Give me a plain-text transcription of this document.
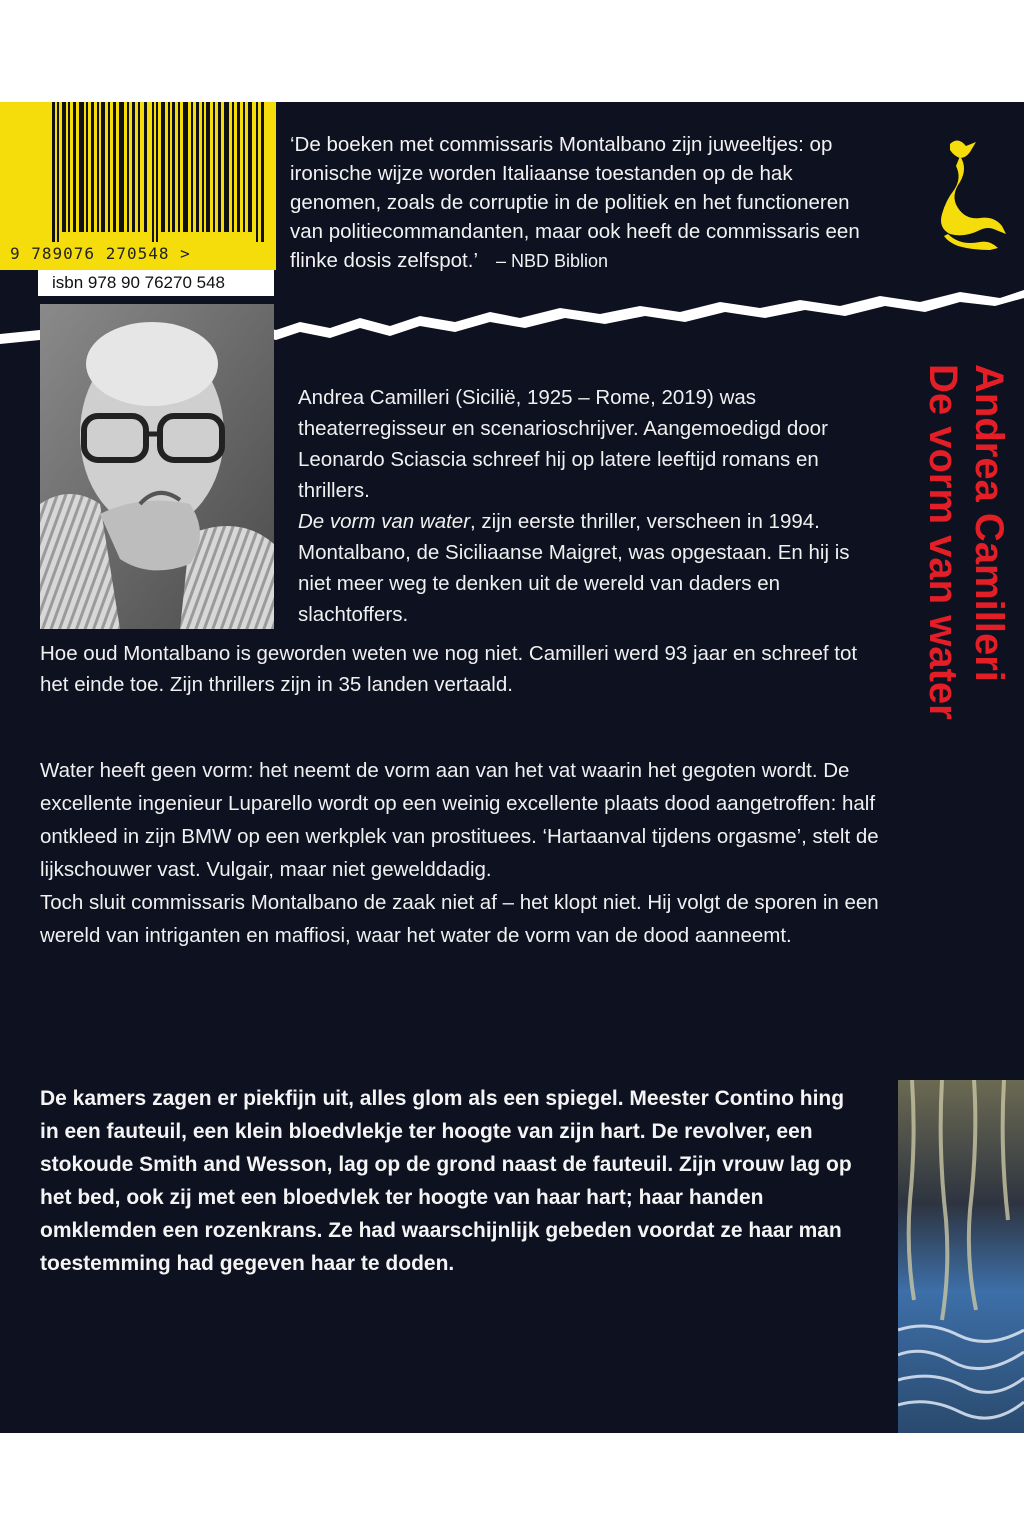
9 789076 270548 >
isbn 978 90 76270 548
‘De boeken met commissaris Montalbano zijn juweeltjes: op ironische wijze worden Italiaanse toestanden op de hak genomen, zoals de corruptie in de politiek en het functioneren van politiecommandanten, maar ook heeft de commissaris een flinke dosis zelfspot.’ – NBD Biblion
Andrea Camilleri
De vorm van water

Andrea Camilleri (Sicilië, 1925 – Rome, 2019) was theaterregisseur en scenarioschrijver. Aangemoedigd door Leonardo Sciascia schreef hij op latere leeftijd romans en thrillers.

De vorm van water, zijn eerste thriller, verscheen in 1994. Montalbano, de Siciliaanse Maigret, was opgestaan. En hij is niet meer weg te denken uit de wereld van daders en slachtoffers.

Hoe oud Montalbano is geworden weten we nog niet. Camilleri werd 93 jaar en schreef tot het einde toe. Zijn thrillers zijn in 35 landen vertaald.

Water heeft geen vorm: het neemt de vorm aan van het vat waarin het gegoten wordt. De excellente ingenieur Luparello wordt op een weinig excellente plaats dood aangetroffen: half ontkleed in zijn BMW op een werkplek van prostituees. ‘Hartaanval tijdens orgasme’, stelt de lijkschouwer vast. Vulgair, maar niet gewelddadig.

Toch sluit commissaris Montalbano de zaak niet af – het klopt niet. Hij volgt de sporen in een wereld van intriganten en maffiosi, waar het water de vorm van de dood aanneemt.

De kamers zagen er piekfijn uit, alles glom als een spiegel. Meester Contino hing in een fauteuil, een klein bloedvlekje ter hoogte van zijn hart. De revolver, een stokoude Smith and Wesson, lag op de grond naast de fauteuil. Zijn vrouw lag op het bed, ook zij met een bloedvlek ter hoogte van haar hart; haar handen omklemden een rozenkrans. Ze had waarschijnlijk gebeden voordat ze haar man toestemming had gegeven haar te doden.
